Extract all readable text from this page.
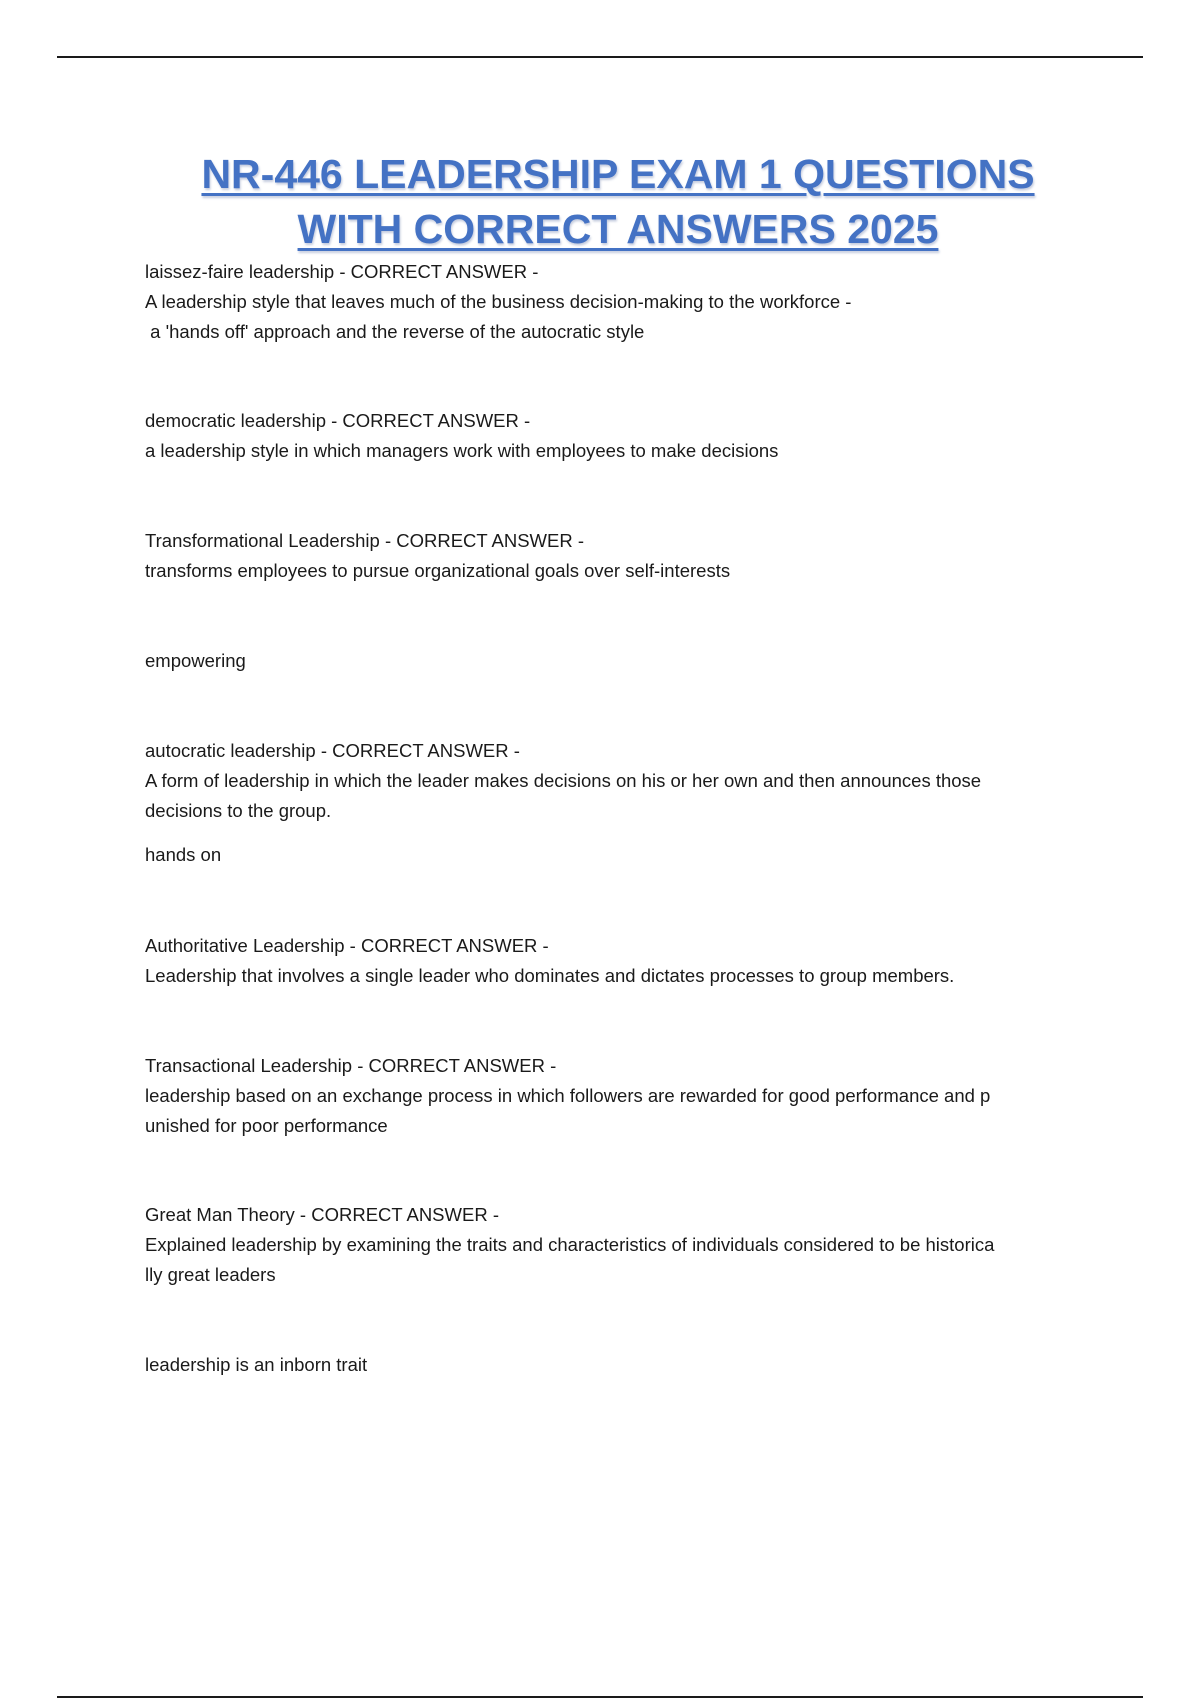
NR-446 LEADERSHIP EXAM 1 QUESTIONS
WITH CORRECT ANSWERS 2025
laissez-faire leadership - CORRECT ANSWER -
A leadership style that leaves much of the business decision-making to the workforce -
a 'hands off' approach and the reverse of the autocratic style
democratic leadership - CORRECT ANSWER -
a leadership style in which managers work with employees to make decisions
Transformational Leadership - CORRECT ANSWER -
transforms employees to pursue organizational goals over self-interests
empowering
autocratic leadership - CORRECT ANSWER -
A form of leadership in which the leader makes decisions on his or her own and then announces those
decisions to the group.
hands on
Authoritative Leadership - CORRECT ANSWER -
Leadership that involves a single leader who dominates and dictates processes to group members.
Transactional Leadership - CORRECT ANSWER -
leadership based on an exchange process in which followers are rewarded for good performance and p
unished for poor performance
Great Man Theory - CORRECT ANSWER -
Explained leadership by examining the traits and characteristics of individuals considered to be historica
lly great leaders
leadership is an inborn trait
